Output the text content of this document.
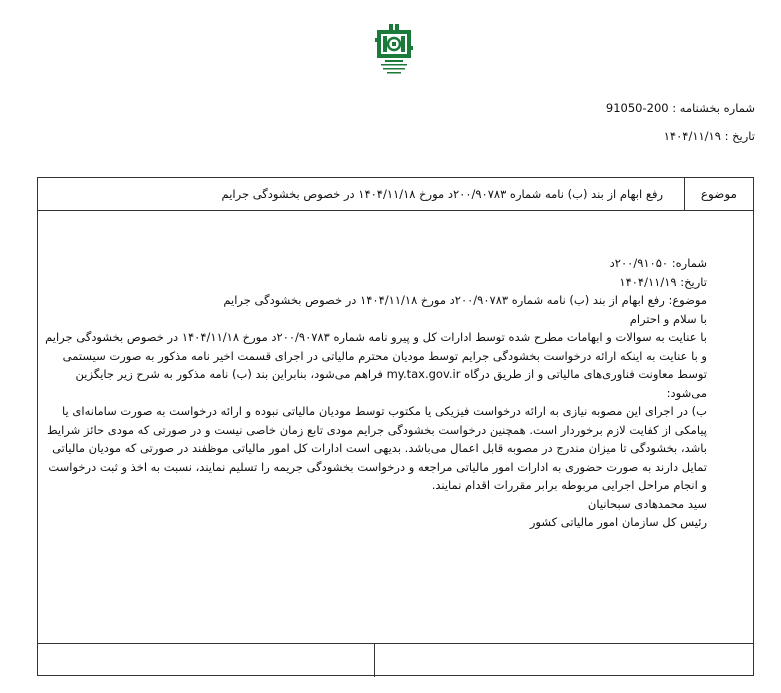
شماره بخشنامه : 91050-200
تاریخ : ۱۴۰۴/۱۱/۱۹
موضوع
رفع ابهام از بند (ب) نامه شماره ۲۰۰/۹۰۷۸۳د مورخ ۱۴۰۴/۱۱/۱۸ در خصوص بخشودگی جرایم

شماره: ۲۰۰/۹۱۰۵۰د

تاریخ: ۱۴۰۴/۱۱/۱۹

موضوع: رفع ابهام از بند (ب) نامه شماره ۲۰۰/۹۰۷۸۳د مورخ ۱۴۰۴/۱۱/۱۸ در خصوص بخشودگی جرایم

با سلام و احترام

با عنایت به سوالات و ابهامات مطرح شده توسط ادارات کل و پیرو نامه شماره ۲۰۰/۹۰۷۸۳د مورخ ۱۴۰۴/۱۱/۱۸ در خصوص بخشودگی جرایم و با عنایت به اینکه ارائه درخواست بخشودگی جرایم توسط مودیان محترم مالیاتی در اجرای قسمت اخیر نامه مذکور به صورت سیستمی توسط معاونت فناوری‌های مالیاتی و از طریق درگاه my.tax.gov.ir فراهم می‌شود، بنابراین بند (ب) نامه مذکور به شرح زیر جایگزین می‌شود:

ب) در اجرای این مصوبه نیازی به ارائه درخواست فیزیکی یا مکتوب توسط مودیان مالیاتی نبوده و ارائه درخواست به صورت سامانه‌ای یا پیامکی از کفایت لازم برخوردار است. همچنین درخواست بخشودگی جرایم مودی تابع زمان خاصی نیست و در صورتی که مودی حائز شرایط باشد، بخشودگی تا میزان مندرج در مصوبه قابل اعمال می‌باشد. بدیهی است ادارات کل امور مالیاتی موظفند در صورتی که مودیان مالیاتی تمایل دارند به صورت حضوری به ادارات امور مالیاتی مراجعه و درخواست بخشودگی جریمه را تسلیم نمایند، نسبت به اخذ و ثبت درخواست و انجام مراحل اجرایی مربوطه برابر مقررات اقدام نمایند.

سید محمدهادی سبحانیان

رئیس کل سازمان امور مالیاتی کشور
